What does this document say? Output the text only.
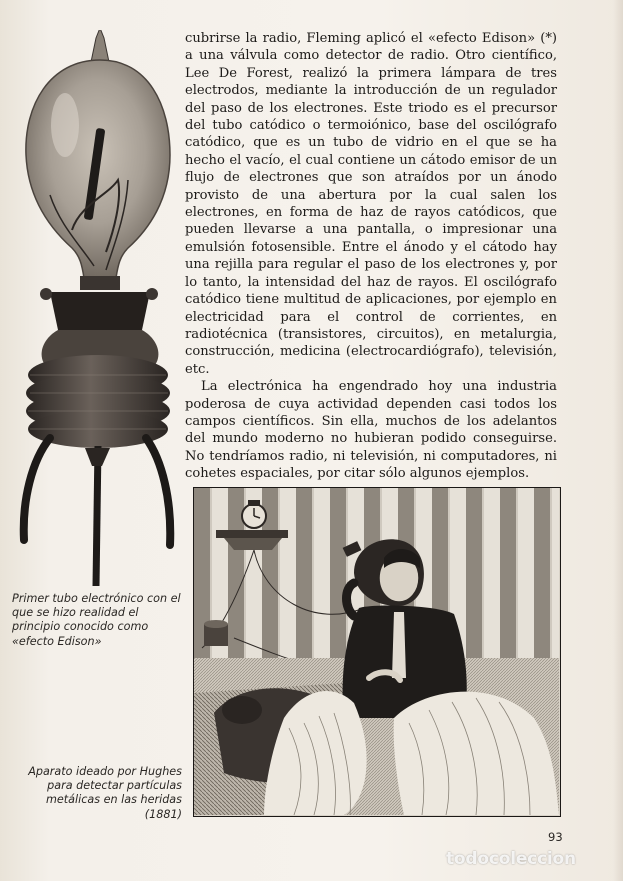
Primer tubo electrónico con el que se hizo realidad el principio conocido como «efecto Edison»

cubrirse la radio, Fleming aplicó el «efecto Edison» (*) a una válvula como detector de radio. Otro científico, Lee De Forest, realizó la primera lámpara de tres electrodos, mediante la introducción de un regulador del paso de los electrones. Este triodo es el precursor del tubo catódico o termoiónico, base del oscilógrafo catódico, que es un tubo de vidrio en el que se ha hecho el vacío, el cual contiene un cátodo emisor de un flujo de electrones que son atraídos por un ánodo provisto de una abertura por la cual salen los electrones, en forma de haz de rayos catódicos, que pueden llevarse a una pantalla, o impresionar una emulsión fotosensible. Entre el ánodo y el cátodo hay una rejilla para regular el paso de los electrones y, por lo tanto, la intensidad del haz de rayos. El oscilógrafo catódico tiene multitud de aplicaciones, por ejemplo en electricidad para el control de corrientes, en radiotécnica (transistores, circuitos), en metalurgia, construcción, medicina (electrocardiógrafo), televisión, etc.

La electrónica ha engendrado hoy una industria poderosa de cuya actividad dependen casi todos los campos científicos. Sin ella, muchos de los adelantos del mundo moderno no hubieran podido conseguirse. No tendríamos radio, ni televisión, ni computadores, ni cohetes espaciales, por citar sólo algunos ejemplos.

Aparato ideado por Hughes para detectar partículas metálicas en las heridas (1881)
93
todocoleccion
